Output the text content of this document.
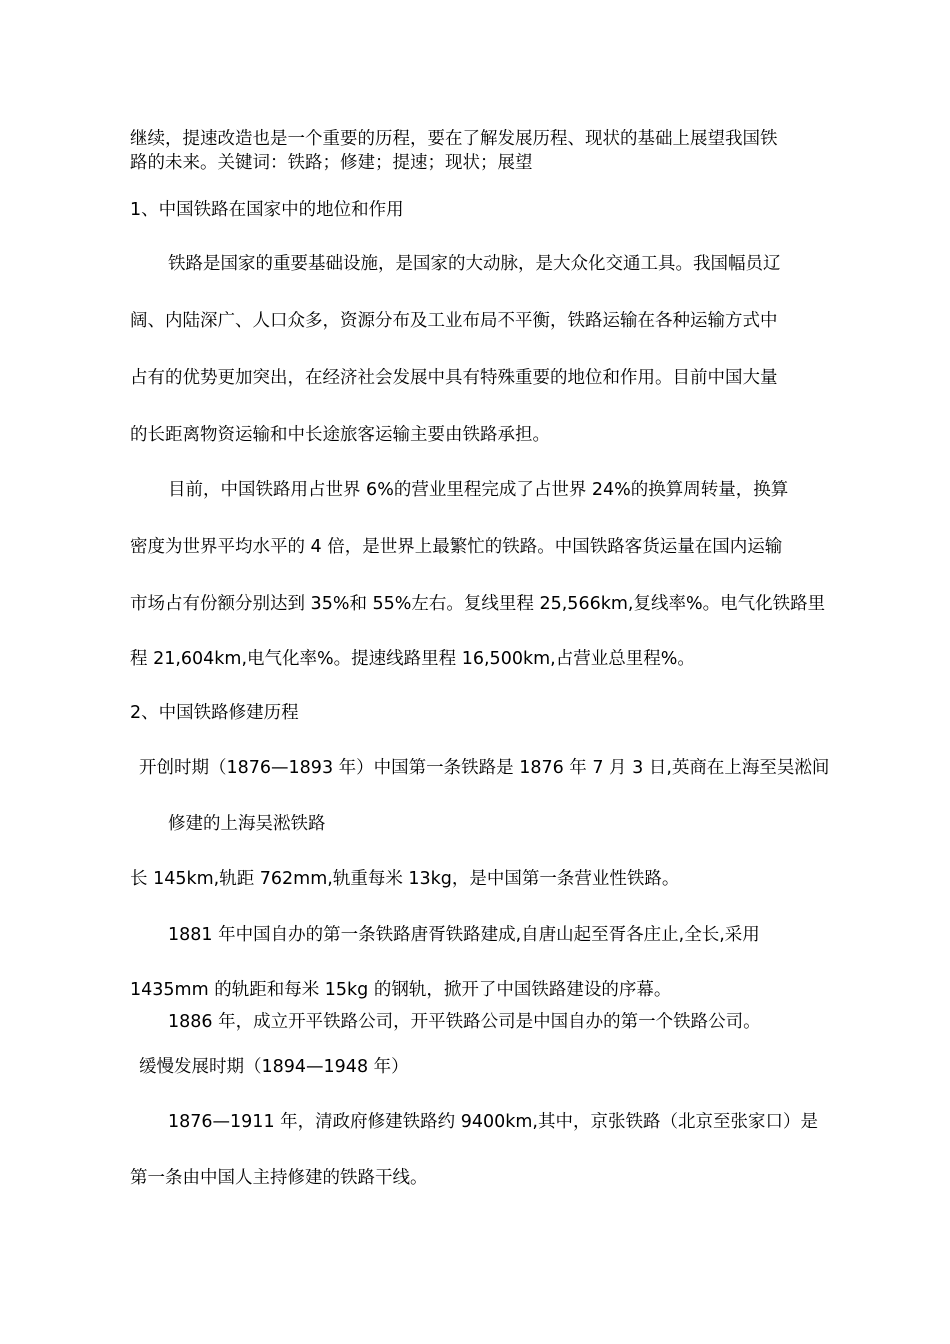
继续，提速改造也是一个重要的历程，要在了解发展历程、现状的基础上展望我国铁
路的未来。关键词：铁路；修建；提速；现状；展望
1、中国铁路在国家中的地位和作用
铁路是国家的重要基础设施，是国家的大动脉，是大众化交通工具。我国幅员辽
阔、内陆深广、人口众多，资源分布及工业布局不平衡，铁路运输在各种运输方式中
占有的优势更加突出，在经济社会发展中具有特殊重要的地位和作用。目前中国大量
的长距离物资运输和中长途旅客运输主要由铁路承担。
目前，中国铁路用占世界 6%的营业里程完成了占世界 24%的换算周转量，换算
密度为世界平均水平的 4 倍，是世界上最繁忙的铁路。中国铁路客货运量在国内运输
市场占有份额分别达到 35%和 55%左右。复线里程 25,566km,复线率%。电气化铁路里
程 21,604km,电气化率%。提速线路里程 16,500km,占营业总里程%。
2、中国铁路修建历程
开创时期（1876—1893 年）中国第一条铁路是 1876 年 7 月 3 日,英商在上海至吴淞间
修建的上海吴淞铁路
长 145km,轨距 762mm,轨重每米 13kg，是中国第一条营业性铁路。
1881 年中国自办的第一条铁路唐胥铁路建成,自唐山起至胥各庄止,全长,采用
1435mm 的轨距和每米 15kg 的钢轨，掀开了中国铁路建设的序幕。
1886 年，成立开平铁路公司，开平铁路公司是中国自办的第一个铁路公司。
缓慢发展时期（1894—1948 年）
1876—1911 年，清政府修建铁路约 9400km,其中，京张铁路（北京至张家口）是
第一条由中国人主持修建的铁路干线。
